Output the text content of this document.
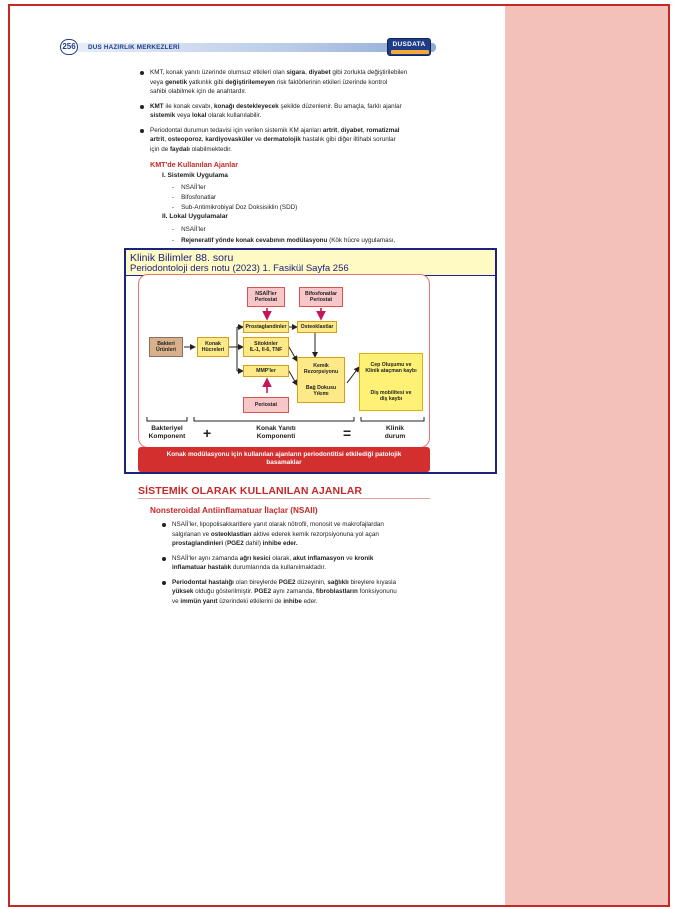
256	DUS HAZIRLIK MERKEZLERİ	DUSDATA
KMT, konak yanıtı üzerinde olumsuz etkileri olan sigara, diyabet gibi zorlukla değiştirilebilen
veya genetik yatkınlık gibi değiştirilemeyen risk faktörlerinin etkileri üzerinde kontrol
sahibi olabilmek için de anahtardır.
KMT ile konak cevabı, konağı destekleyecek şekilde düzenlenir. Bu amaçla, farklı ajanlar
sistemik veya lokal olarak kullanılabilir.
Periodontal durumun tedavisi için verilen sistemik KM ajanları artrit, diyabet, romatizmal
artrit, osteoporoz, kardiyovasküler ve dermatolojik hastalık gibi diğer iltihabi sorunlar
için de faydalı olabilmektedir.
KMT'de Kullanılan Ajanlar
I. Sistemik Uygulama
-    NSAİİ'ler
-    Bifosfonatlar
-    Sub-Antimikrobiyal Doz Doksisiklin (SDD)
II. Lokal Uygulamalar
-    NSAİİ'ler
-    Rejeneratif yönde konak cevabının modülasyonu (Kök hücre uygulaması,
Klinik Bilimler 88. soru
Periodontoloji ders notu (2023) 1. Fasikül Sayfa 256
NSAİİ'ler
Periostat
Bifosfonatlar
Periostat
Bakteri
Ürünleri
Konak
Hücreleri
Prostaglandinler	Osteoklastlar
Sitokinler
IL-1, Il-6, TNF
MMP'ler
Periostat
Kemik
Rezorpsiyonu
Bağ Dokusu
Yıkımı
Cep Oluşumu ve
Klinik ataçman kaybı
Diş mobilitesi ve
diş kaybı
Bakteriyel
Komponent	+	Konak Yanıtı
Komponenti	=	Klinik
durum
Konak modülasyonu için kullanılan ajanların periodontitisi etkilediği patolojik
basamaklar
SİSTEMİK OLARAK KULLANILAN AJANLAR
Nonsteroidal Antiinflamatuar İlaçlar (NSAII)
NSAİİ'ler, lipopolisakkaritlere yanıt olarak nötrofil, monosit ve makrofajlardan
salgılanan ve osteoklastları aktive ederek kemik rezorpsiyonuna yol açan
prostaglandinleri (PGE2 dahil) inhibe eder.
NSAİİ'ler aynı zamanda ağrı kesici olarak, akut inflamasyon ve kronik
inflamatuar hastalık durumlarında da kullanılmaktadır.
Periodontal hastalığı olan bireylerde PGE2 düzeyinin, sağlıklı bireylere kıyasla
yüksek olduğu gösterilmiştir. PGE2 aynı zamanda, fibroblastların fonksiyonunu
ve immün yanıt üzerindeki etkilerini de inhibe eder.
